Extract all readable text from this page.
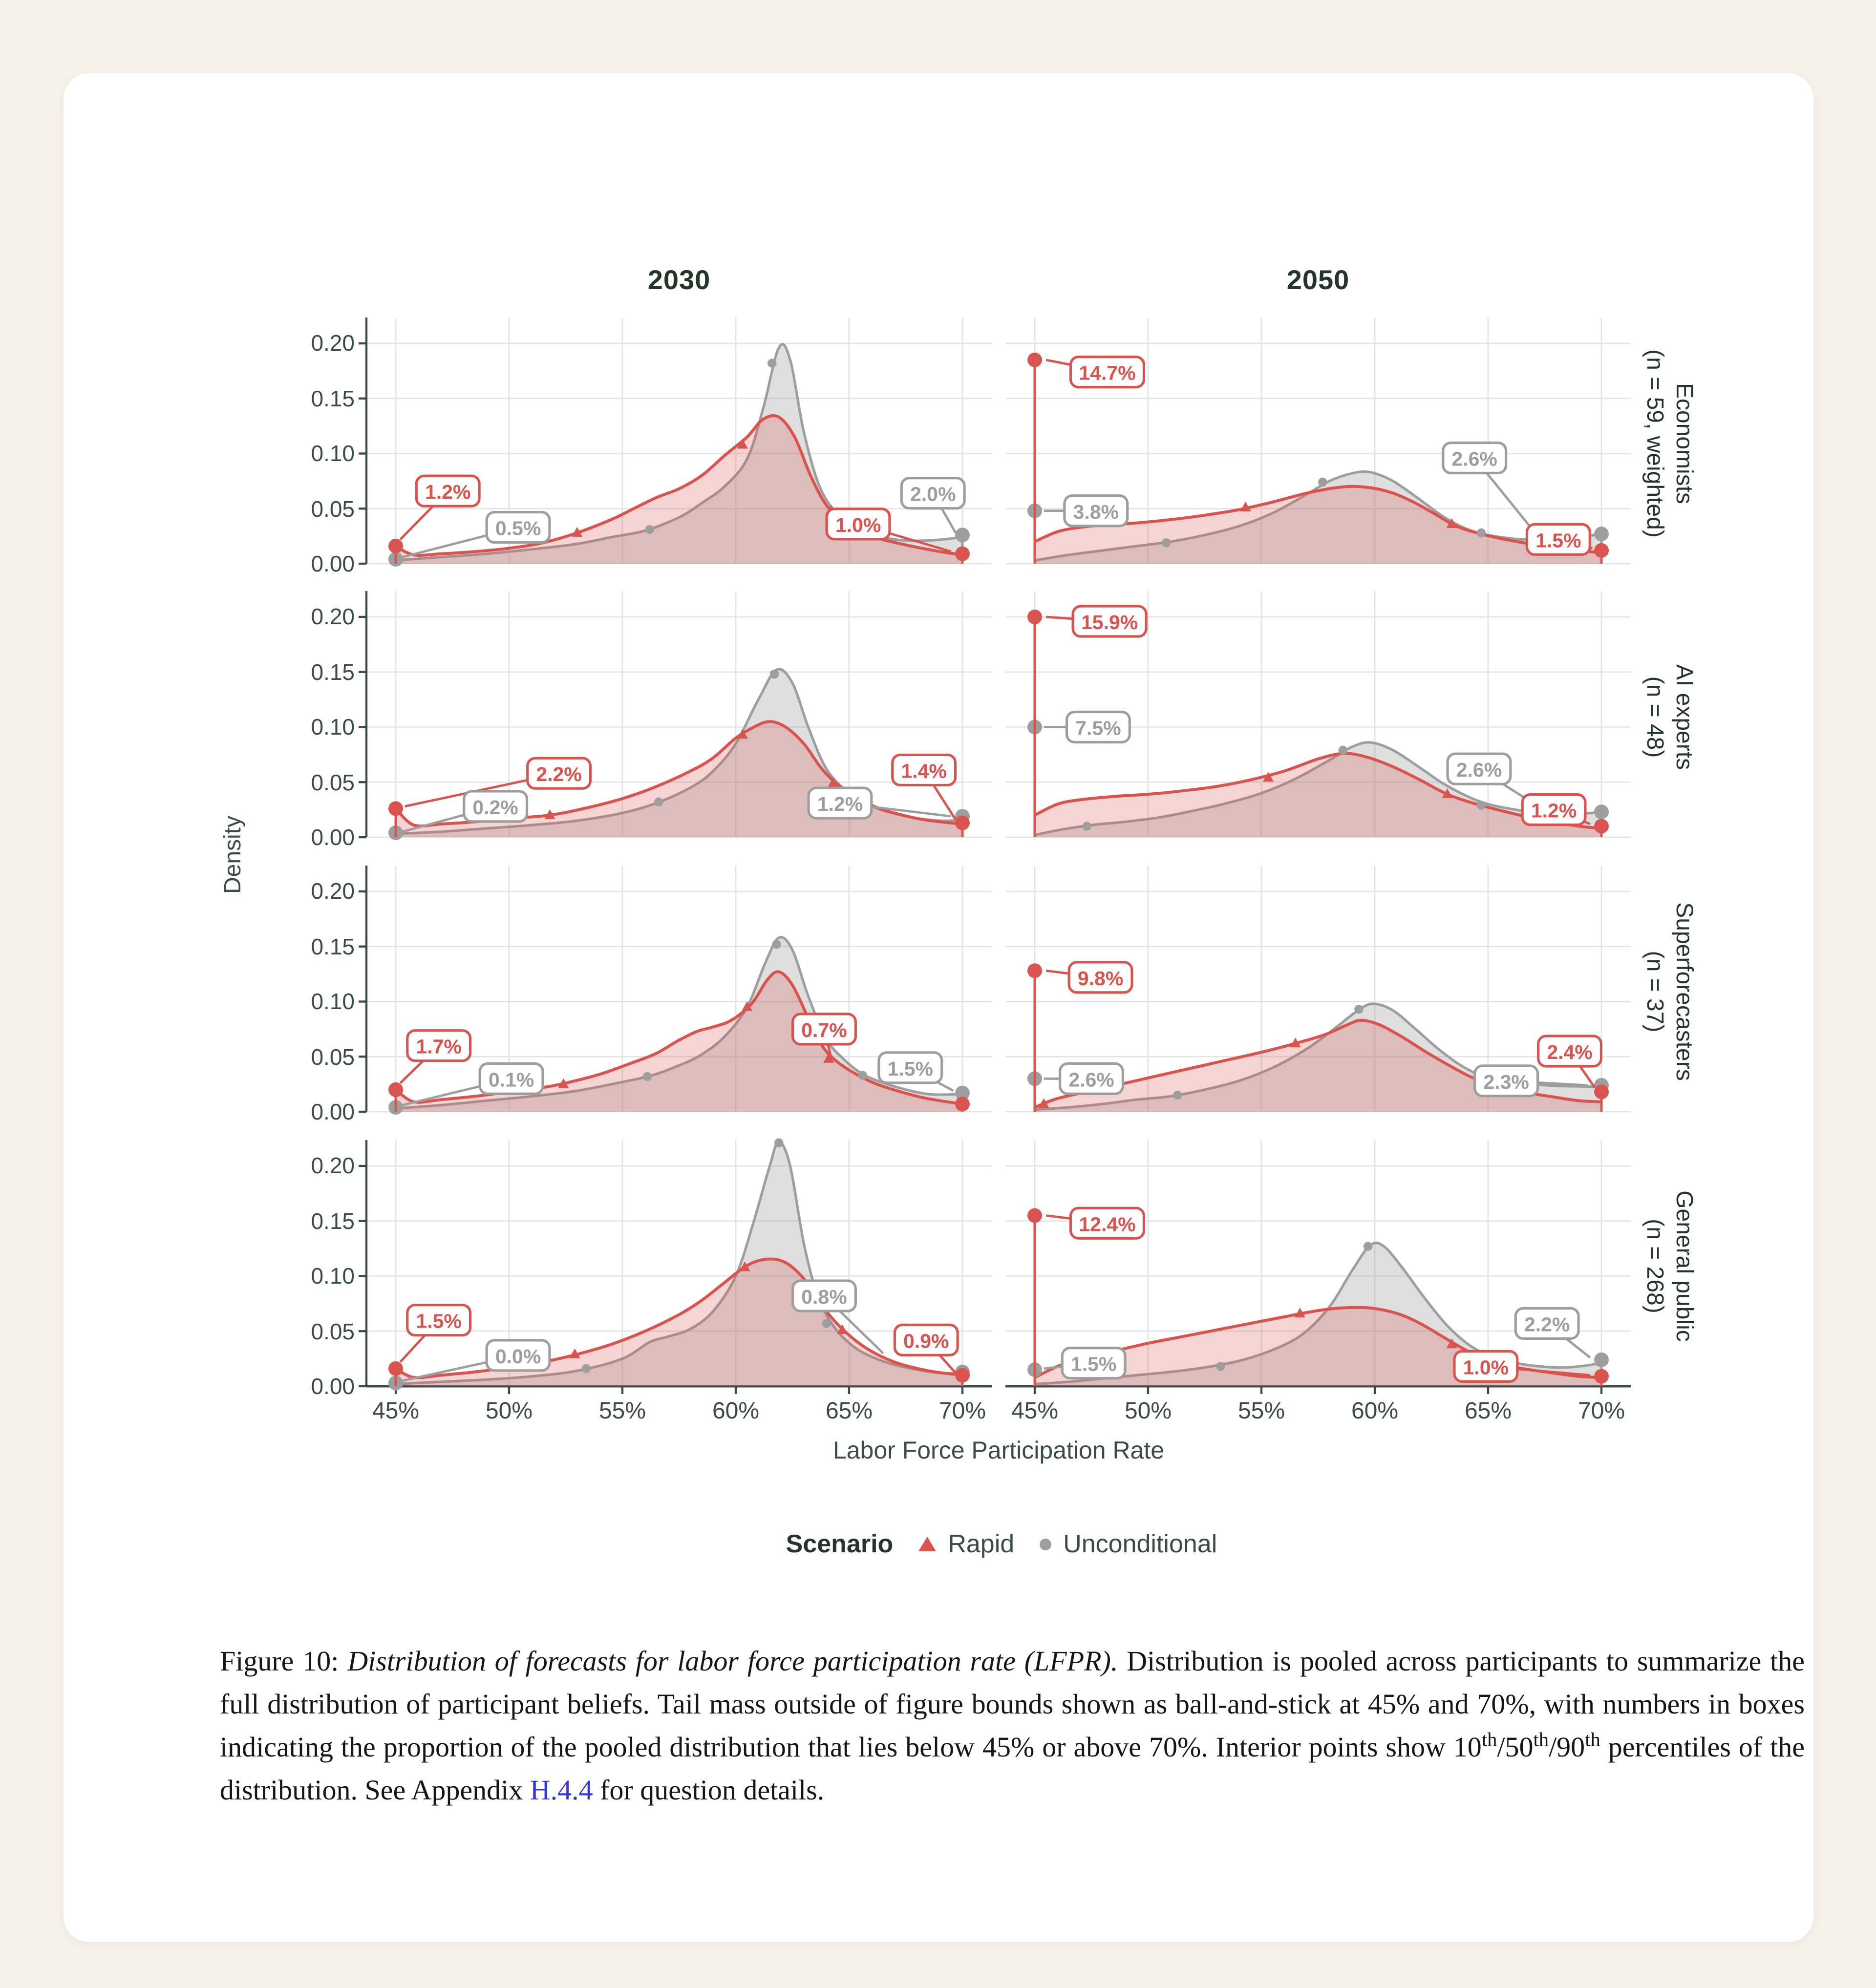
2030	2050
1.2%
0.5%	1.0%
2.0%
14.7%
3.8%
2.6%
1.5%
2.2%
0.2%	1.2%
1.4%
15.9%
7.5%
2.6%
1.2%
1.7%
0.1%
0.7%
1.5%
9.8%
2.6%	2.3%
2.4%
1.5%
0.0%
0.8%
0.9%
12.4%
1.5%	1.0%
2.2%
0.00
0.05
0.10
0.15
0.20
Economists
(n = 59, weighted)
0.00
0.05
0.10
0.15
0.20
AI experts
(n = 48)
0.00
0.05
0.10
0.15
0.20
Superforecasters
(n = 37)
0.00
0.05
0.10
0.15
0.20
General public
(n = 268)
45%	50%	55%	60%	65%	70%	45%	50%	55%	60%	65%	70%
Labor Force Participation Rate
Density
Scenario	Rapid	Unconditional
Figure 10: Distribution of forecasts for labor force participation rate (LFPR). Distribution is pooled across participants to summarize the full distribution of participant beliefs. Tail mass outside of figure bounds shown as ball-and-stick at 45% and 70%, with numbers in boxes indicating the proportion of the pooled distribution that lies below 45% or above 70%. Interior points show 10th/50th/90th percentiles of the distribution. See Appendix H.4.4 for question details.
